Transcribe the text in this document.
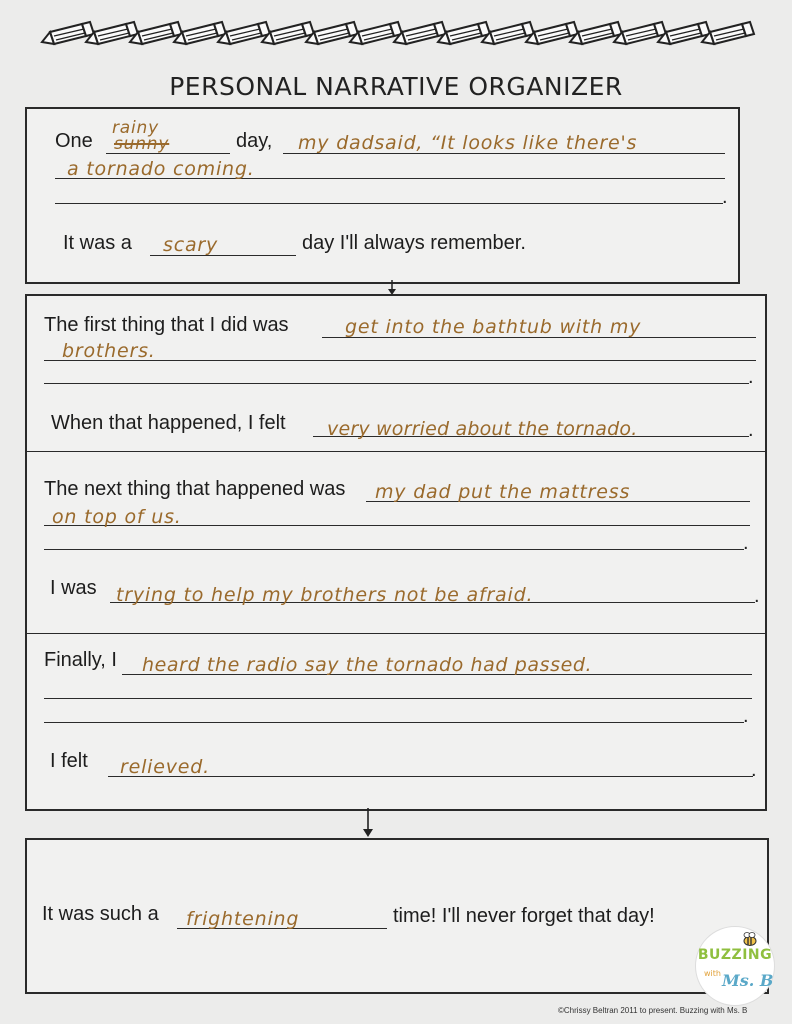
PERSONAL NARRATIVE ORGANIZER
One
rainy
sunny	day, my dadsaid, “It looks like there's
a tornado coming.
.
It was a scary	day I'll always remember.
The first thing that I did was	get into the bathtub with my
brothers.
.
When that happened, I felt very worried about the tornado.	.
The next thing that happened was my dad put the mattress
on top of us.
.
I was trying to help my brothers not be afraid.	.
Finally, I heard the radio say the tornado had passed.
.
I felt relieved.	.
It was such a frightening	time! I'll never forget that day!
BUZZING
with Ms. B
©Chrissy Beltran 2011 to present. Buzzing with Ms. B
